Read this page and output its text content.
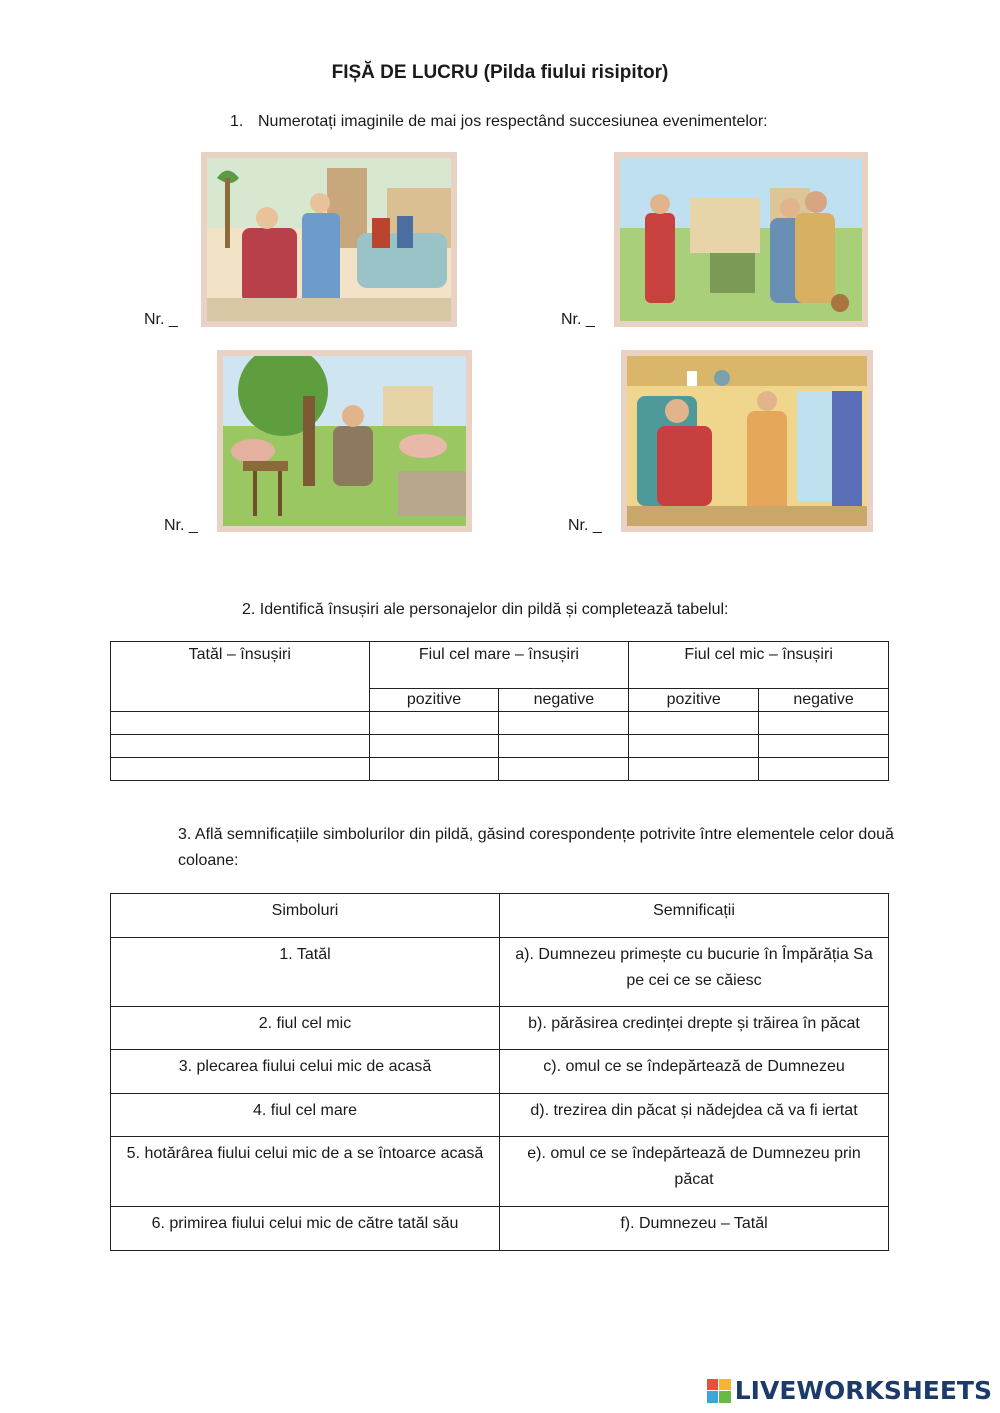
FIȘĂ DE LUCRU (Pilda fiului risipitor)
1. Numerotați imaginile de mai jos respectând succesiunea evenimentelor:
Nr. _	Nr. _
Nr. _	Nr. _
2. Identifică însușiri ale personajelor din pildă și completează tabelul:
Tatăl – însușiri	Fiul cel mare – însușiri		Fiul cel mic – însușiri	
	pozitive	negative	pozitive	negative

3. Află semnificațiile simbolurilor din pildă, găsind corespondențe potrivite între elementele celor două coloane:
Simboluri	Semnificații
1. Tatăl	a). Dumnezeu primește cu bucurie în Împărăția Sa pe cei ce se căiesc
2. fiul cel mic	b). părăsirea credinței drepte și trăirea în păcat
3. plecarea fiului celui mic de acasă	c). omul ce se îndepărtează de Dumnezeu
4. fiul cel mare	d). trezirea din păcat și nădejdea că va fi iertat
5. hotărârea fiului celui mic de a se întoarce acasă	e). omul ce se îndepărtează de Dumnezeu prin păcat
6. primirea fiului celui mic de către tatăl său	f). Dumnezeu – Tatăl
LIVEWORKSHEETS
